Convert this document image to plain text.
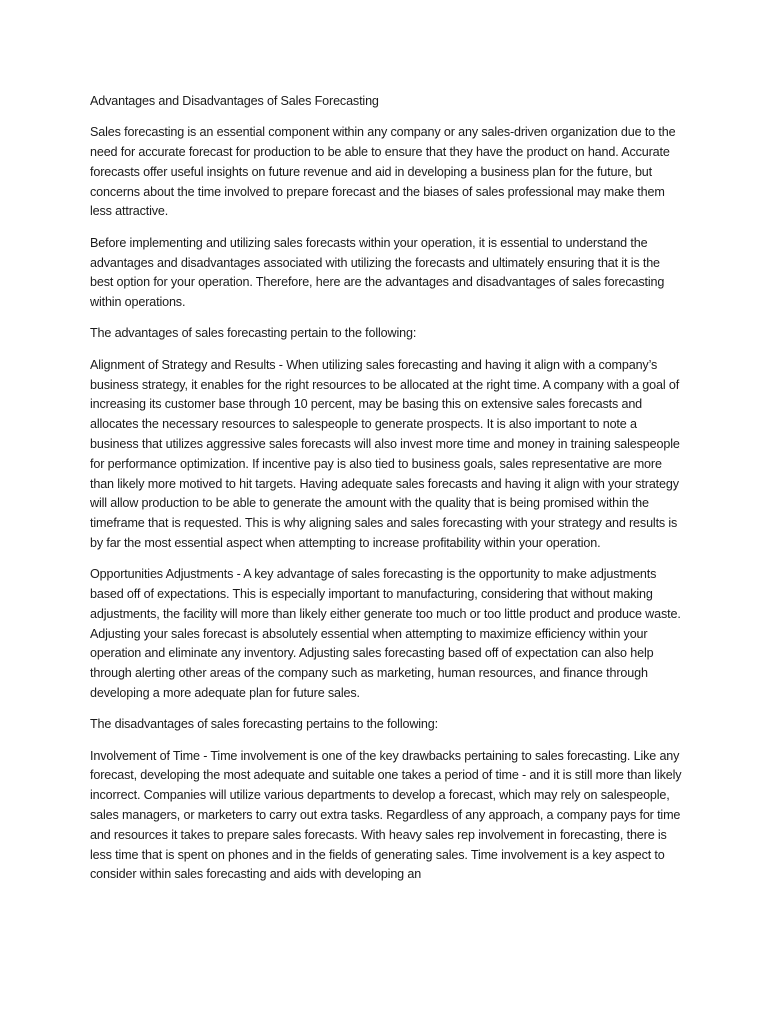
Advantages and Disadvantages of Sales Forecasting

Sales forecasting is an essential component within any company or any sales-driven organization due to the need for accurate forecast for production to be able to ensure that they have the product on hand. Accurate forecasts offer useful insights on future revenue and aid in developing a business plan for the future, but concerns about the time involved to prepare forecast and the biases of sales professional may make them less attractive.

Before implementing and utilizing sales forecasts within your operation, it is essential to understand the advantages and disadvantages associated with utilizing the forecasts and ultimately ensuring that it is the best option for your operation. Therefore, here are the advantages and disadvantages of sales forecasting within operations.

The advantages of sales forecasting pertain to the following:

Alignment of Strategy and Results - When utilizing sales forecasting and having it align with a company’s business strategy, it enables for the right resources to be allocated at the right time. A company with a goal of increasing its customer base through 10 percent, may be basing this on extensive sales forecasts and allocates the necessary resources to salespeople to generate prospects. It is also important to note a business that utilizes aggressive sales forecasts will also invest more time and money in training salespeople for performance optimization. If incentive pay is also tied to business goals, sales representative are more than likely more motived to hit targets. Having adequate sales forecasts and having it align with your strategy will allow production to be able to generate the amount with the quality that is being promised within the timeframe that is requested. This is why aligning sales and sales forecasting with your strategy and results is by far the most essential aspect when attempting to increase profitability within your operation.

Opportunities Adjustments - A key advantage of sales forecasting is the opportunity to make adjustments based off of expectations. This is especially important to manufacturing, considering that without making adjustments, the facility will more than likely either generate too much or too little product and produce waste. Adjusting your sales forecast is absolutely essential when attempting to maximize efficiency within your operation and eliminate any inventory. Adjusting sales forecasting based off of expectation can also help through alerting other areas of the company such as marketing, human resources, and finance through developing a more adequate plan for future sales.

The disadvantages of sales forecasting pertains to the following:

Involvement of Time - Time involvement is one of the key drawbacks pertaining to sales forecasting. Like any forecast, developing the most adequate and suitable one takes a period of time - and it is still more than likely incorrect. Companies will utilize various departments to develop a forecast, which may rely on salespeople, sales managers, or marketers to carry out extra tasks. Regardless of any approach, a company pays for time and resources it takes to prepare sales forecasts. With heavy sales rep involvement in forecasting, there is less time that is spent on phones and in the fields of generating sales. Time involvement is a key aspect to consider within sales forecasting and aids with developing an
